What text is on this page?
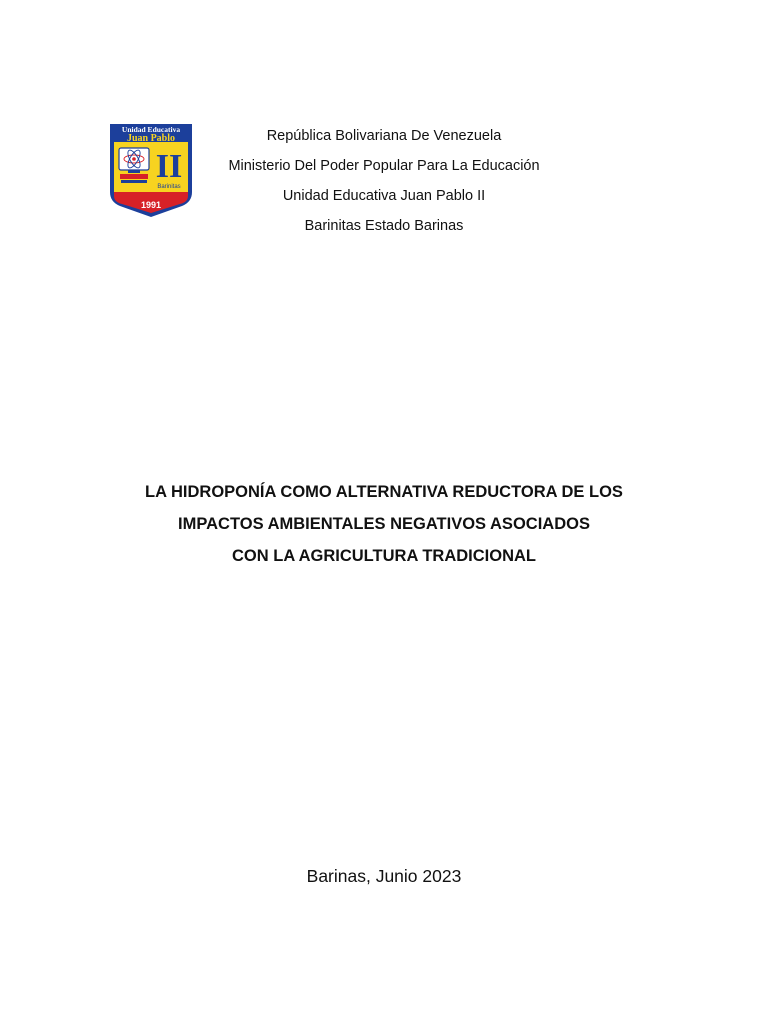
Unidad Educativa
Juan Pablo
II
Barinitas
1991
República Bolivariana De Venezuela
Ministerio Del Poder Popular Para La Educación
Unidad Educativa Juan Pablo II
Barinitas Estado Barinas
LA HIDROPONÍA COMO ALTERNATIVA REDUCTORA DE LOS
IMPACTOS AMBIENTALES NEGATIVOS ASOCIADOS
CON LA AGRICULTURA TRADICIONAL
Barinas, Junio 2023
